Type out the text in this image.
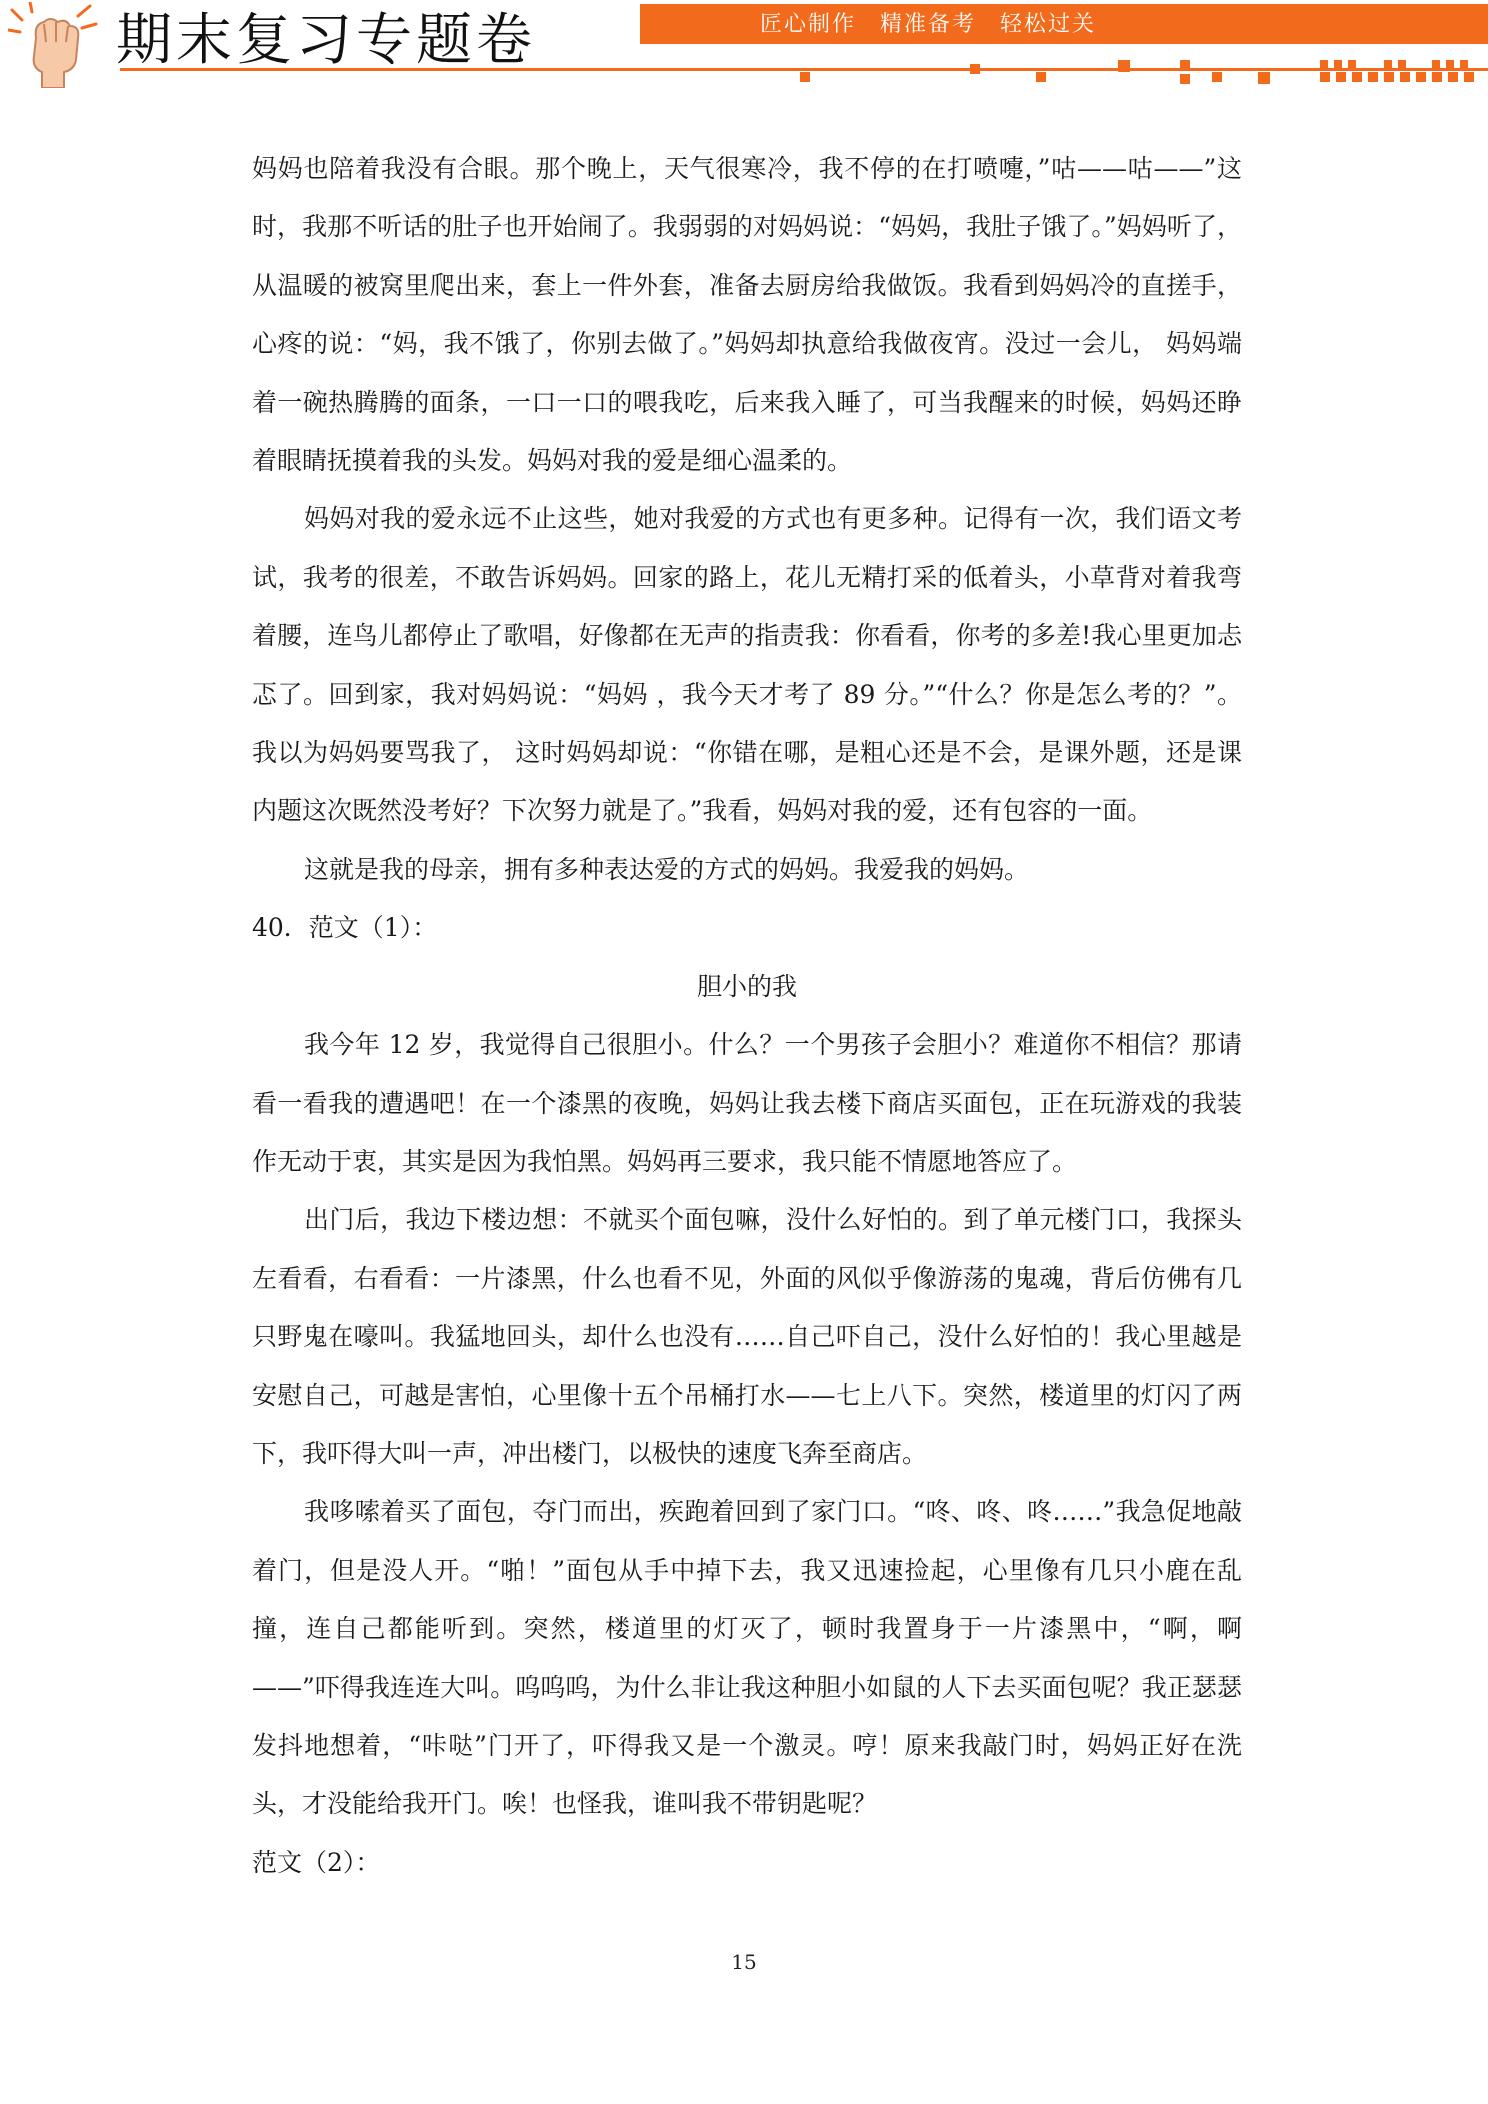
匠心制作　精准备考　轻松过关
期末复习专题卷

妈妈也陪着我没有合眼。那个晚上，天气很寒冷，我不停的在打喷嚏，”咕——咕——”这时，我那不听话的肚子也开始闹了。我弱弱的对妈妈说：“妈妈，我肚子饿了。”妈妈听了，从温暖的被窝里爬出来，套上一件外套，准备去厨房给我做饭。我看到妈妈冷的直搓手，心疼的说：“妈，我不饿了，你别去做了。”妈妈却执意给我做夜宵。没过一会儿， 妈妈端着一碗热腾腾的面条，一口一口的喂我吃，后来我入睡了，可当我醒来的时候，妈妈还睁着眼睛抚摸着我的头发。妈妈对我的爱是细心温柔的。

妈妈对我的爱永远不止这些，她对我爱的方式也有更多种。记得有一次，我们语文考试，我考的很差，不敢告诉妈妈。回家的路上，花儿无精打采的低着头，小草背对着我弯着腰，连鸟儿都停止了歌唱，好像都在无声的指责我：你看看，你考的多差!我心里更加忐忑了。回到家，我对妈妈说：“妈妈 ，我今天才考了 89 分。”“什么？你是怎么考的？”。我以为妈妈要骂我了， 这时妈妈却说：“你错在哪，是粗心还是不会，是课外题，还是课内题这次既然没考好？下次努力就是了。”我看，妈妈对我的爱，还有包容的一面。

这就是我的母亲，拥有多种表达爱的方式的妈妈。我爱我的妈妈。

40．范文（1）：

胆小的我

我今年 12 岁，我觉得自己很胆小。什么？一个男孩子会胆小？难道你不相信？那请看一看我的遭遇吧！在一个漆黑的夜晚，妈妈让我去楼下商店买面包，正在玩游戏的我装作无动于衷，其实是因为我怕黑。妈妈再三要求，我只能不情愿地答应了。

出门后，我边下楼边想：不就买个面包嘛，没什么好怕的。到了单元楼门口，我探头左看看，右看看：一片漆黑，什么也看不见，外面的风似乎像游荡的鬼魂，背后仿佛有几只野鬼在嚎叫。我猛地回头，却什么也没有……自己吓自己，没什么好怕的！我心里越是安慰自己，可越是害怕，心里像十五个吊桶打水——七上八下。突然，楼道里的灯闪了两下，我吓得大叫一声，冲出楼门，以极快的速度飞奔至商店。

我哆嗦着买了面包，夺门而出，疾跑着回到了家门口。“咚、咚、咚……”我急促地敲着门，但是没人开。“啪！”面包从手中掉下去，我又迅速捡起，心里像有几只小鹿在乱撞，连自己都能听到。突然，楼道里的灯灭了，顿时我置身于一片漆黑中，“啊，啊——”吓得我连连大叫。呜呜呜，为什么非让我这种胆小如鼠的人下去买面包呢？我正瑟瑟发抖地想着，“咔哒”门开了，吓得我又是一个激灵。哼！原来我敲门时，妈妈正好在洗头，才没能给我开门。唉！也怪我，谁叫我不带钥匙呢？

范文（2）：

15
